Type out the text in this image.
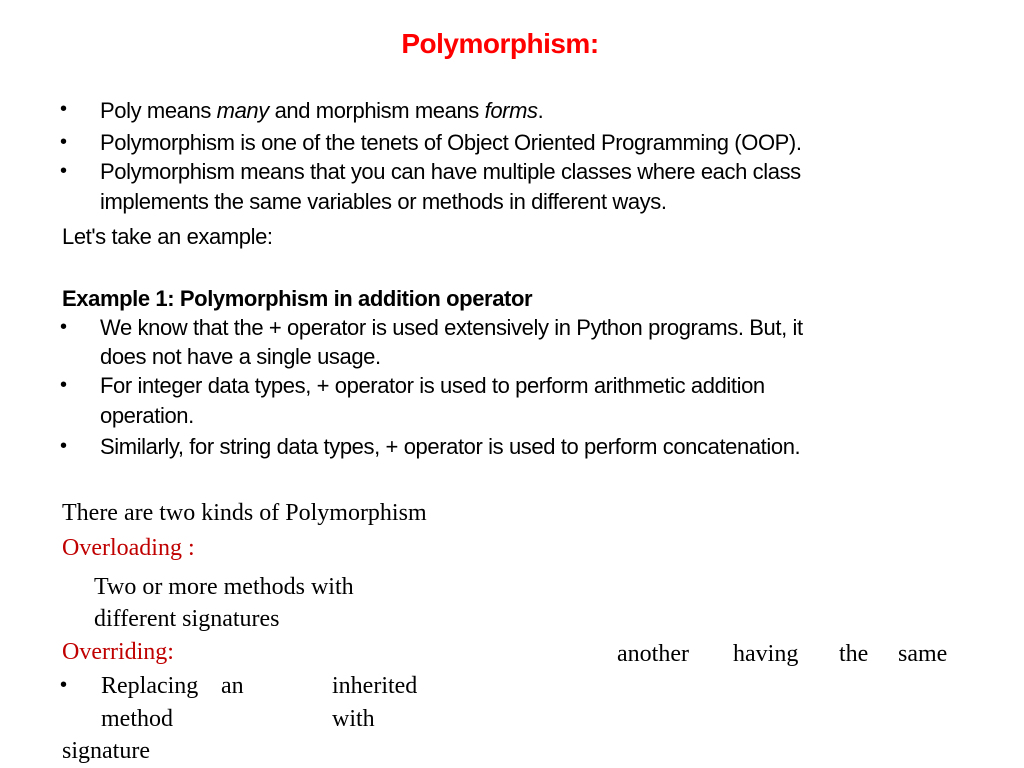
Polymorphism:
• Poly means many and morphism means forms.
• Polymorphism is one of the tenets of Object Oriented Programming (OOP).
• Polymorphism means that you can have multiple classes where each class
implements the same variables or methods in different ways.
Let's take an example:
Example 1: Polymorphism in addition operator
• We know that the + operator is used extensively in Python programs. But, it
does not have a single usage.
• For integer data types, + operator is used to perform arithmetic addition
operation.
• Similarly, for string data types, + operator is used to perform concatenation.
There are two kinds of Polymorphism
Overloading :
Two or more methods with
different signatures
Overriding:
• Replacing an	inherited
method	with
another having the same
signature
